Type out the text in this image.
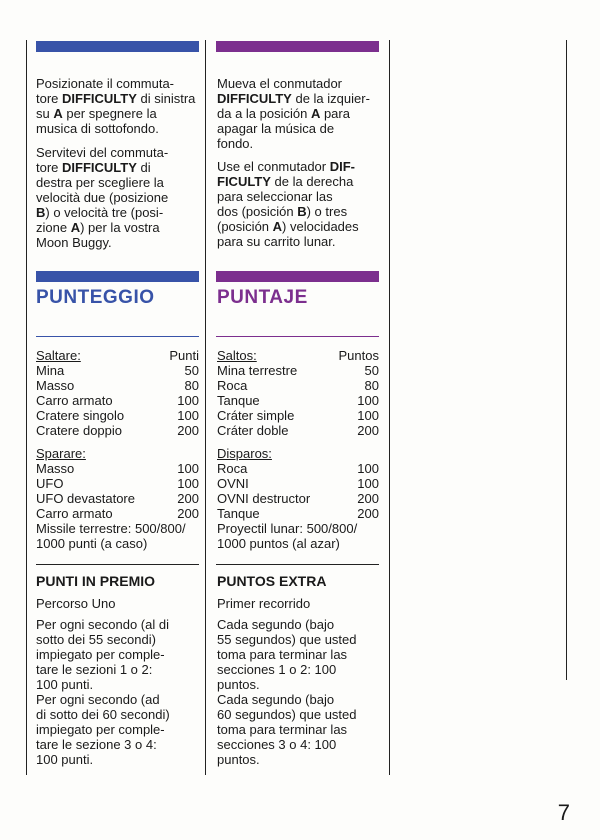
Posizionate il commuta-
tore DIFFICULTY di sinistra
su A per spegnere la
musica di sottofondo.

Servitevi del commuta-
tore DIFFICULTY di
destra per scegliere la
velocità due (posizione
B) o velocità tre (posi-
zione A) per la vostra
Moon Buggy.

PUNTEGGIO
Saltare:	Punti
Mina	50
Masso	80
Carro armato	100
Cratere singolo	100
Cratere doppio	200
Sparare:
Masso	100
UFO	100
UFO devastatore	200
Carro armato	200
Missile terrestre: 500/800/
1000 punti (a caso)
PUNTI IN PREMIO
Percorso Uno

Per ogni secondo (al di
sotto dei 55 secondi)
impiegato per comple-
tare le sezioni 1 o 2:
100 punti.

Per ogni secondo (ad
di sotto dei 60 secondi)
impiegato per comple-
tare le sezione 3 o 4:
100 punti.

Mueva el conmutador
DIFFICULTY de la izquier-
da a la posición A para
apagar la música de
fondo.

Use el conmutador DIF-
FICULTY de la derecha
para seleccionar las
dos (posición B) o tres
(posición A) velocidades
para su carrito lunar.

PUNTAJE
Saltos:	Puntos
Mina terrestre	50
Roca	80
Tanque	100
Cráter simple	100
Cráter doble	200
Disparos:
Roca	100
OVNI	100
OVNI destructor	200
Tanque	200
Proyectil lunar: 500/800/
1000 puntos (al azar)
PUNTOS EXTRA
Primer recorrido

Cada segundo (bajo
55 segundos) que usted
toma para terminar las
secciones 1 o 2: 100
puntos.

Cada segundo (bajo
60 segundos) que usted
toma para terminar las
secciones 3 o 4: 100
puntos.

7
